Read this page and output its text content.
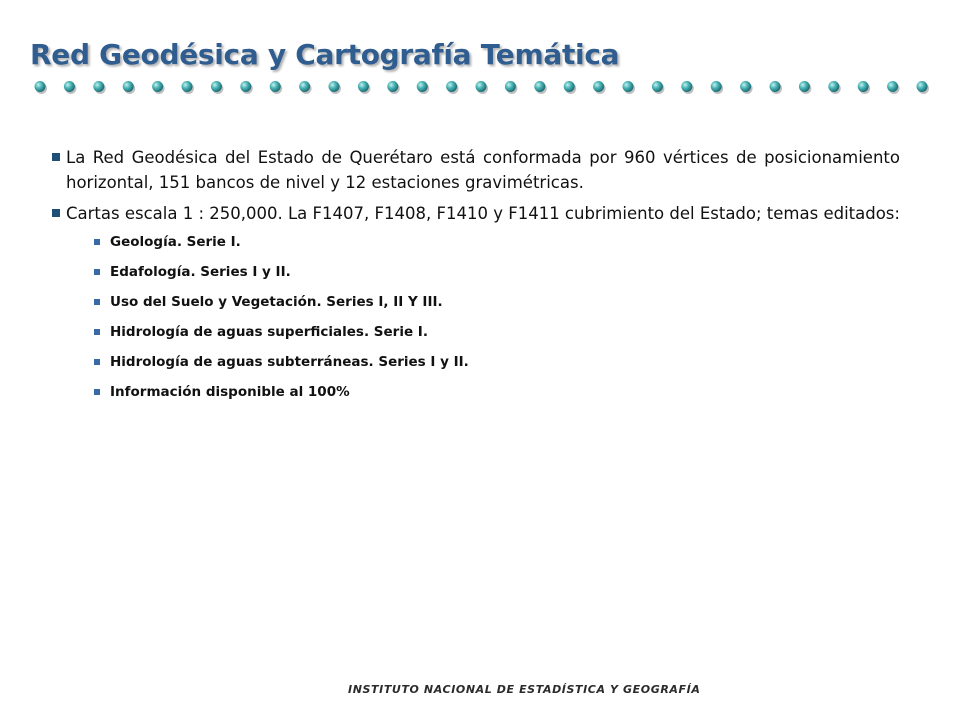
Red Geodésica y Cartografía Temática
La Red Geodésica del Estado de Querétaro está conformada por 960 vértices de posicionamiento horizontal, 151 bancos de nivel y 12 estaciones gravimétricas.
Cartas escala 1 : 250,000. La F1407, F1408, F1410 y F1411 cubrimiento del Estado; temas editados:
Geología. Serie I.
Edafología. Series I y II.
Uso del Suelo y Vegetación. Series I, II Y III.
Hidrología de aguas superficiales. Serie I.
Hidrología de aguas subterráneas. Series I y II.
Información disponible al 100%
INSTITUTO NACIONAL DE ESTADÍSTICA Y GEOGRAFÍA
